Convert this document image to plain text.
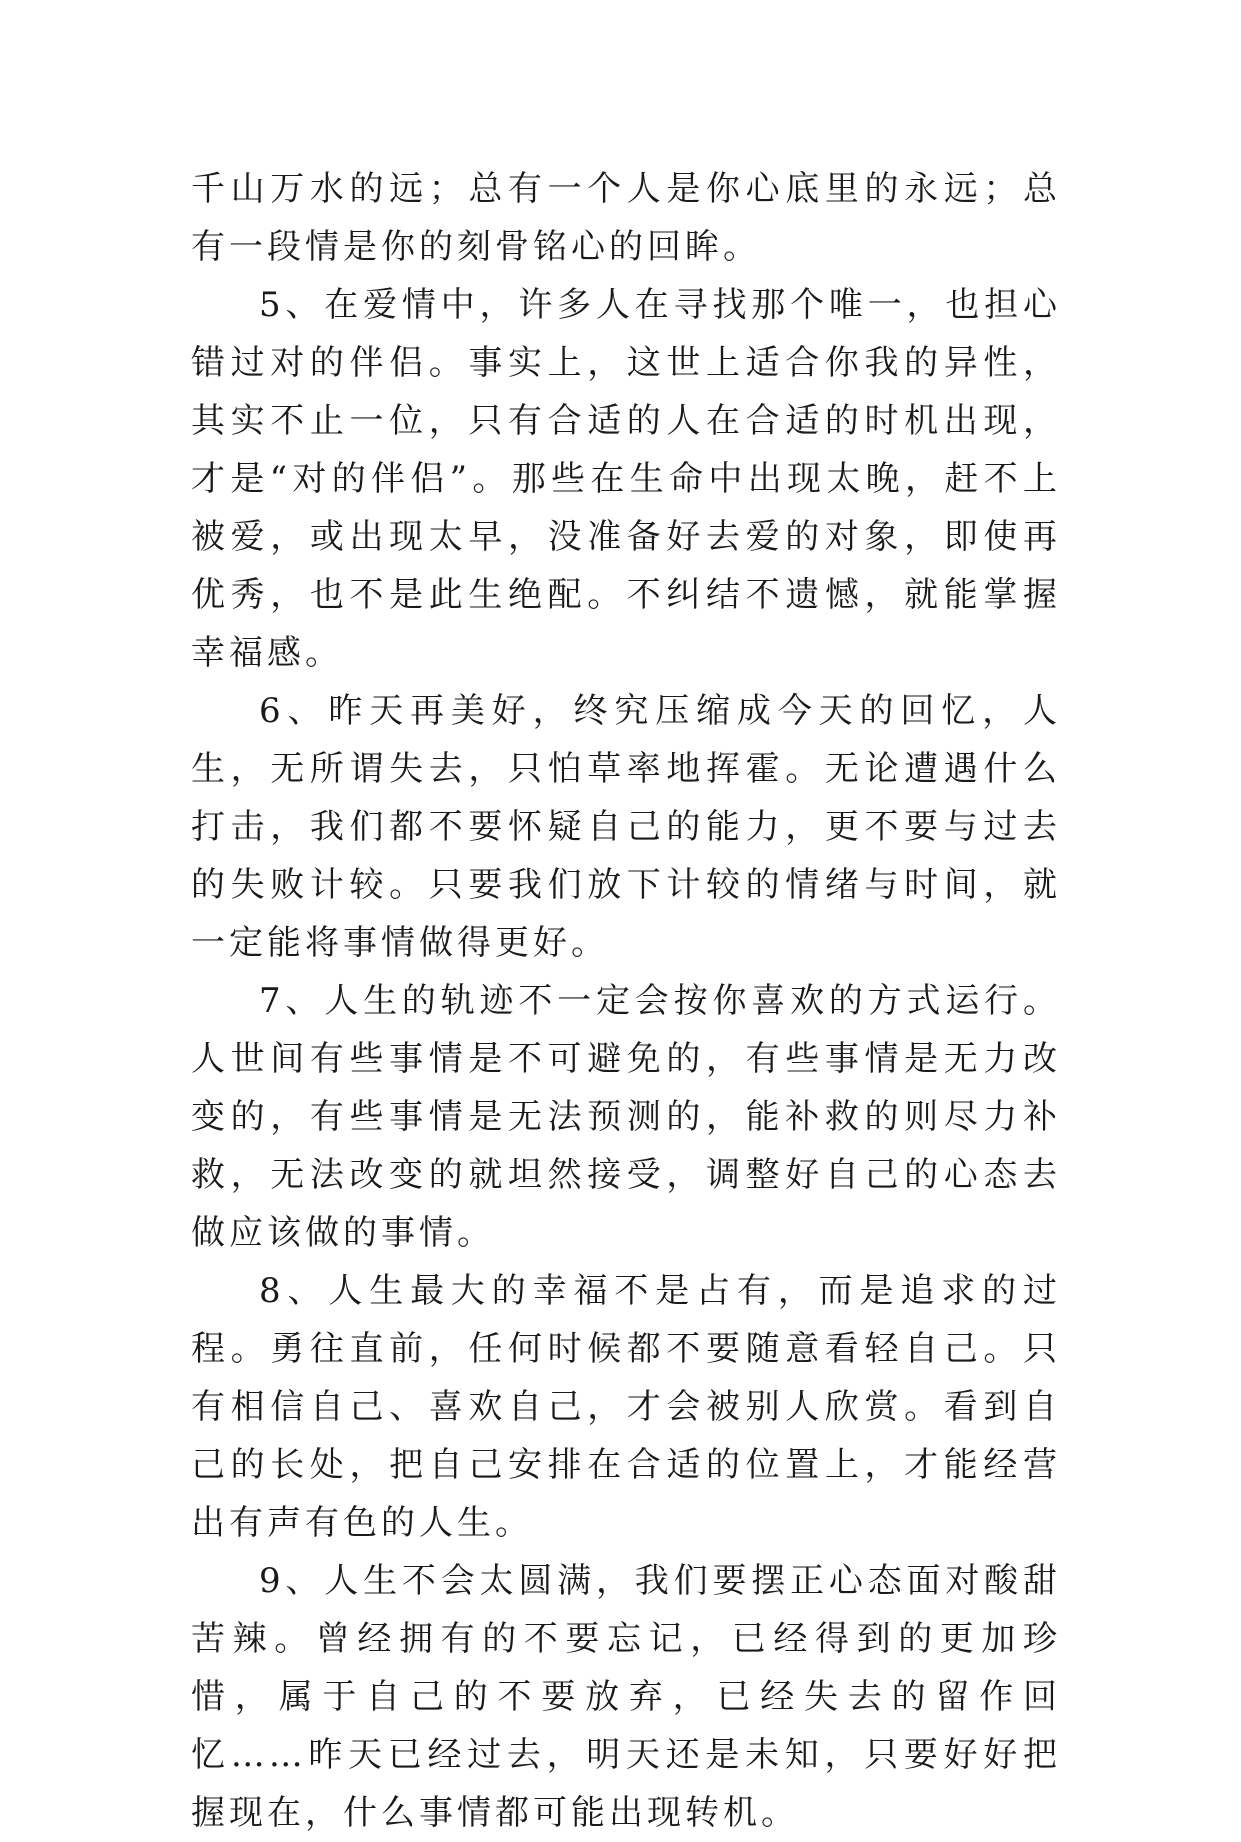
千山万水的远；总有一个人是你心底里的永远；总有一段情是你的刻骨铭心的回眸。

5、在爱情中，许多人在寻找那个唯一，也担心错过对的伴侣。事实上，这世上适合你我的异性，其实不止一位，只有合适的人在合适的时机出现，才是“对的伴侣”。那些在生命中出现太晚，赶不上被爱，或出现太早，没准备好去爱的对象，即使再优秀，也不是此生绝配。不纠结不遗憾，就能掌握幸福感。

6、昨天再美好，终究压缩成今天的回忆，人生，无所谓失去，只怕草率地挥霍。无论遭遇什么打击，我们都不要怀疑自己的能力，更不要与过去的失败计较。只要我们放下计较的情绪与时间，就一定能将事情做得更好。

7、人生的轨迹不一定会按你喜欢的方式运行。人世间有些事情是不可避免的，有些事情是无力改变的，有些事情是无法预测的，能补救的则尽力补救，无法改变的就坦然接受，调整好自己的心态去做应该做的事情。

8、人生最大的幸福不是占有，而是追求的过程。勇往直前，任何时候都不要随意看轻自己。只有相信自己、喜欢自己，才会被别人欣赏。看到自己的长处，把自己安排在合适的位置上，才能经营出有声有色的人生。

9、人生不会太圆满，我们要摆正心态面对酸甜苦辣。曾经拥有的不要忘记，已经得到的更加珍惜，属于自己的不要放弃，已经失去的留作回忆……昨天已经过去，明天还是未知，只要好好把握现在，什么事情都可能出现转机。
